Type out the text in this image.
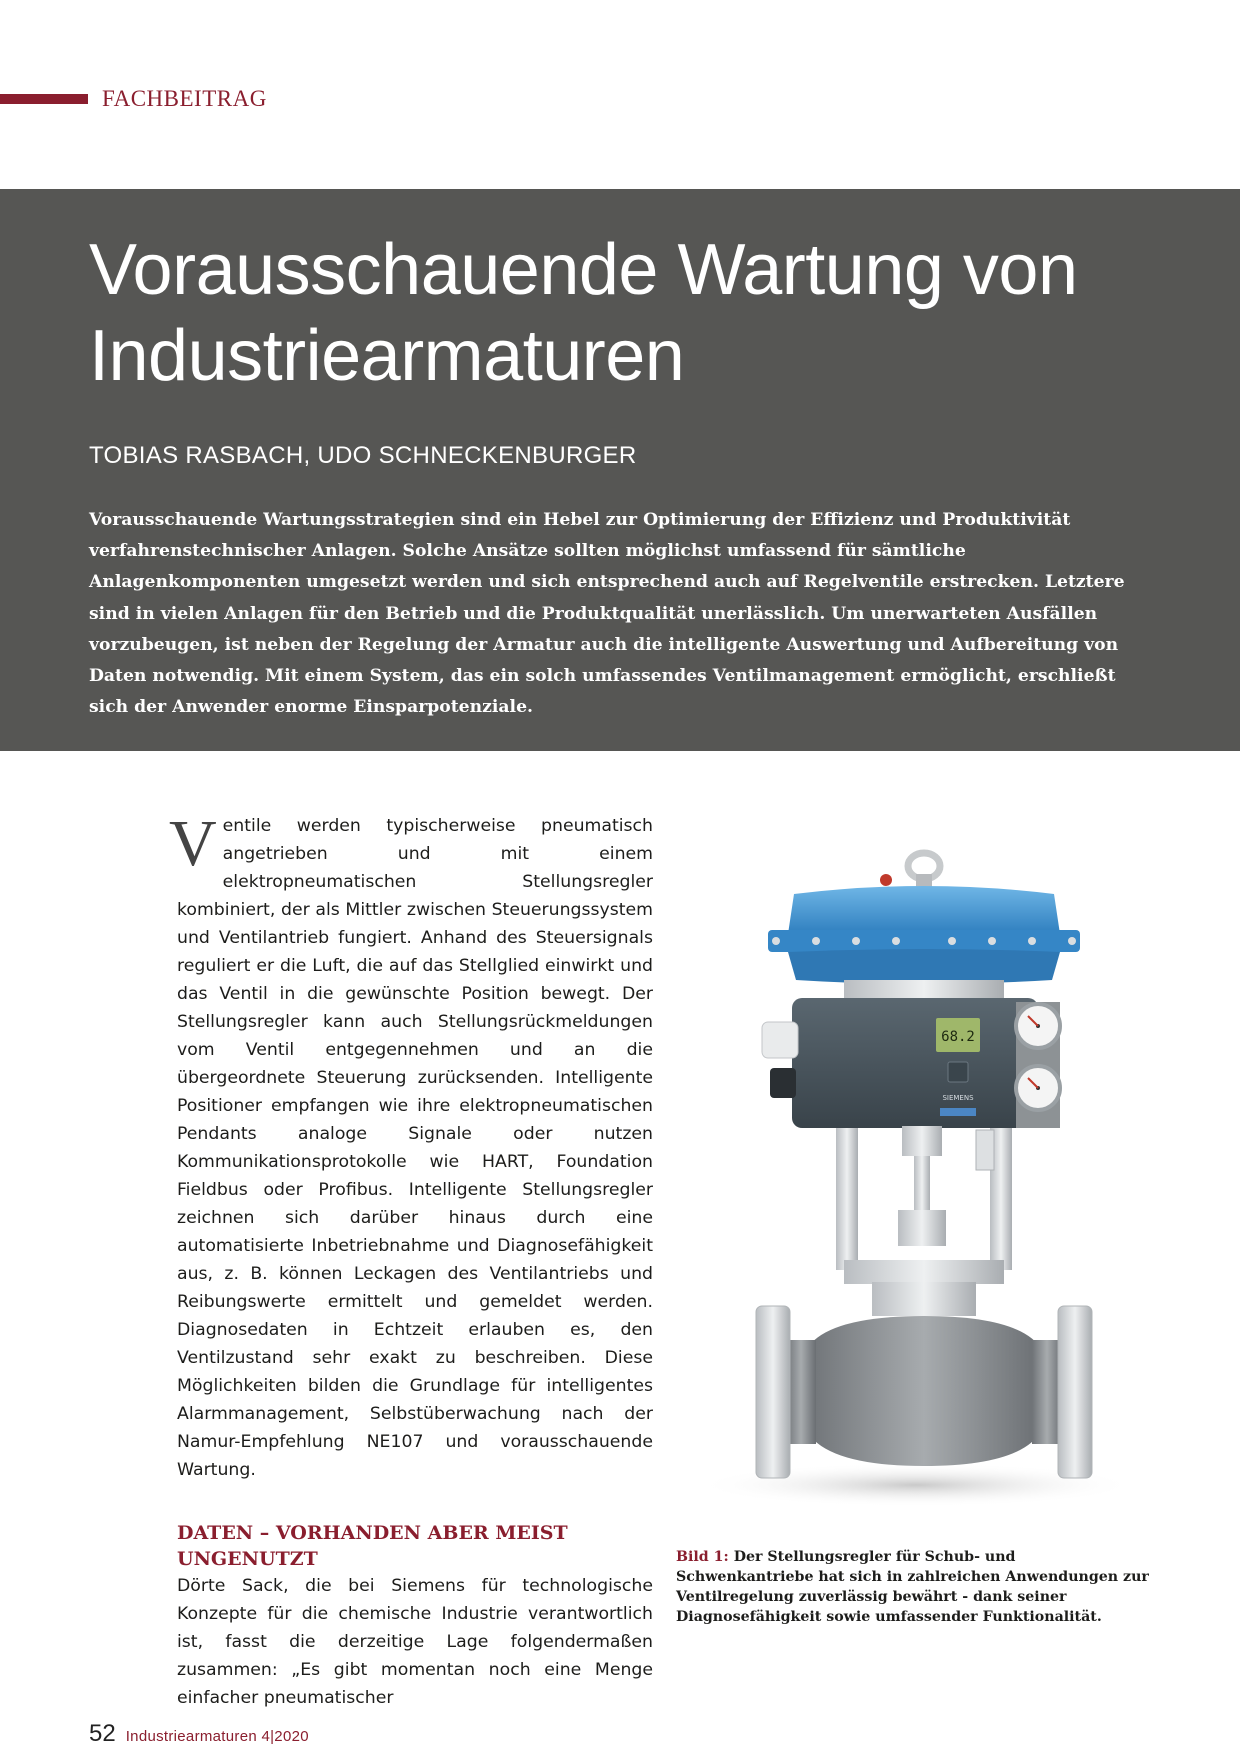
FACHBEITRAG
Vorausschauende Wartung von
Industriearmaturen
TOBIAS RASBACH, UDO SCHNECKENBURGER

Vorausschauende Wartungsstrategien sind ein Hebel zur Optimierung der Effizienz und Produktivität verfahrenstechnischer Anlagen. Solche Ansätze sollten möglichst umfassend für sämtliche Anlagenkomponenten umgesetzt werden und sich entsprechend auch auf Regelventile erstrecken. Letztere sind in vielen Anlagen für den Betrieb und die Produktqualität unerlässlich. Um unerwarteten Ausfällen vorzubeugen, ist neben der Regelung der Armatur auch die intelligente Auswertung und Aufbereitung von Daten notwendig. Mit einem System, das ein solch umfassendes Ventilmanagement ermöglicht, erschließt sich der Anwender enorme Einsparpotenziale.

Ventile werden typischerweise pneumatisch angetrieben und mit einem elektropneumatischen Stellungsregler kombiniert, der als Mittler zwischen Steuerungssystem und Ventilantrieb fungiert. Anhand des Steuersignals reguliert er die Luft, die auf das Stellglied einwirkt und das Ventil in die gewünschte Position bewegt. Der Stellungsregler kann auch Stellungsrückmeldungen vom Ventil entgegennehmen und an die übergeordnete Steuerung zurücksenden. Intelligente Positioner empfangen wie ihre elektropneumatischen Pendants analoge Signale oder nutzen Kommunikationsprotokolle wie HART, Foundation Fieldbus oder Profibus. Intelligente Stellungsregler zeichnen sich darüber hinaus durch eine automatisierte Inbetriebnahme und Diagnosefähigkeit aus, z. B. können Leckagen des Ventilantriebs und Reibungswerte ermittelt und gemeldet werden. Diagnosedaten in Echtzeit erlauben es, den Ventilzustand sehr exakt zu beschreiben. Diese Möglichkeiten bilden die Grundlage für intelligentes Alarmmanagement, Selbstüberwachung nach der Namur-Empfehlung NE107 und vorausschauende Wartung.

DATEN – VORHANDEN ABER MEIST UNGENUTZT

Dörte Sack, die bei Siemens für technologische Konzepte für die chemische Industrie verantwortlich ist, fasst die derzeitige Lage folgendermaßen zusammen: „Es gibt momentan noch eine Menge einfacher pneumatischer

68.2
SIEMENS
Bild 1: Der Stellungsregler für Schub- und Schwenkantriebe hat sich in zahlreichen Anwendungen zur Ventilregelung zuverlässig bewährt - dank seiner Diagnosefähigkeit sowie umfassender Funktionalität.
52 Industriearmaturen 4|2020
